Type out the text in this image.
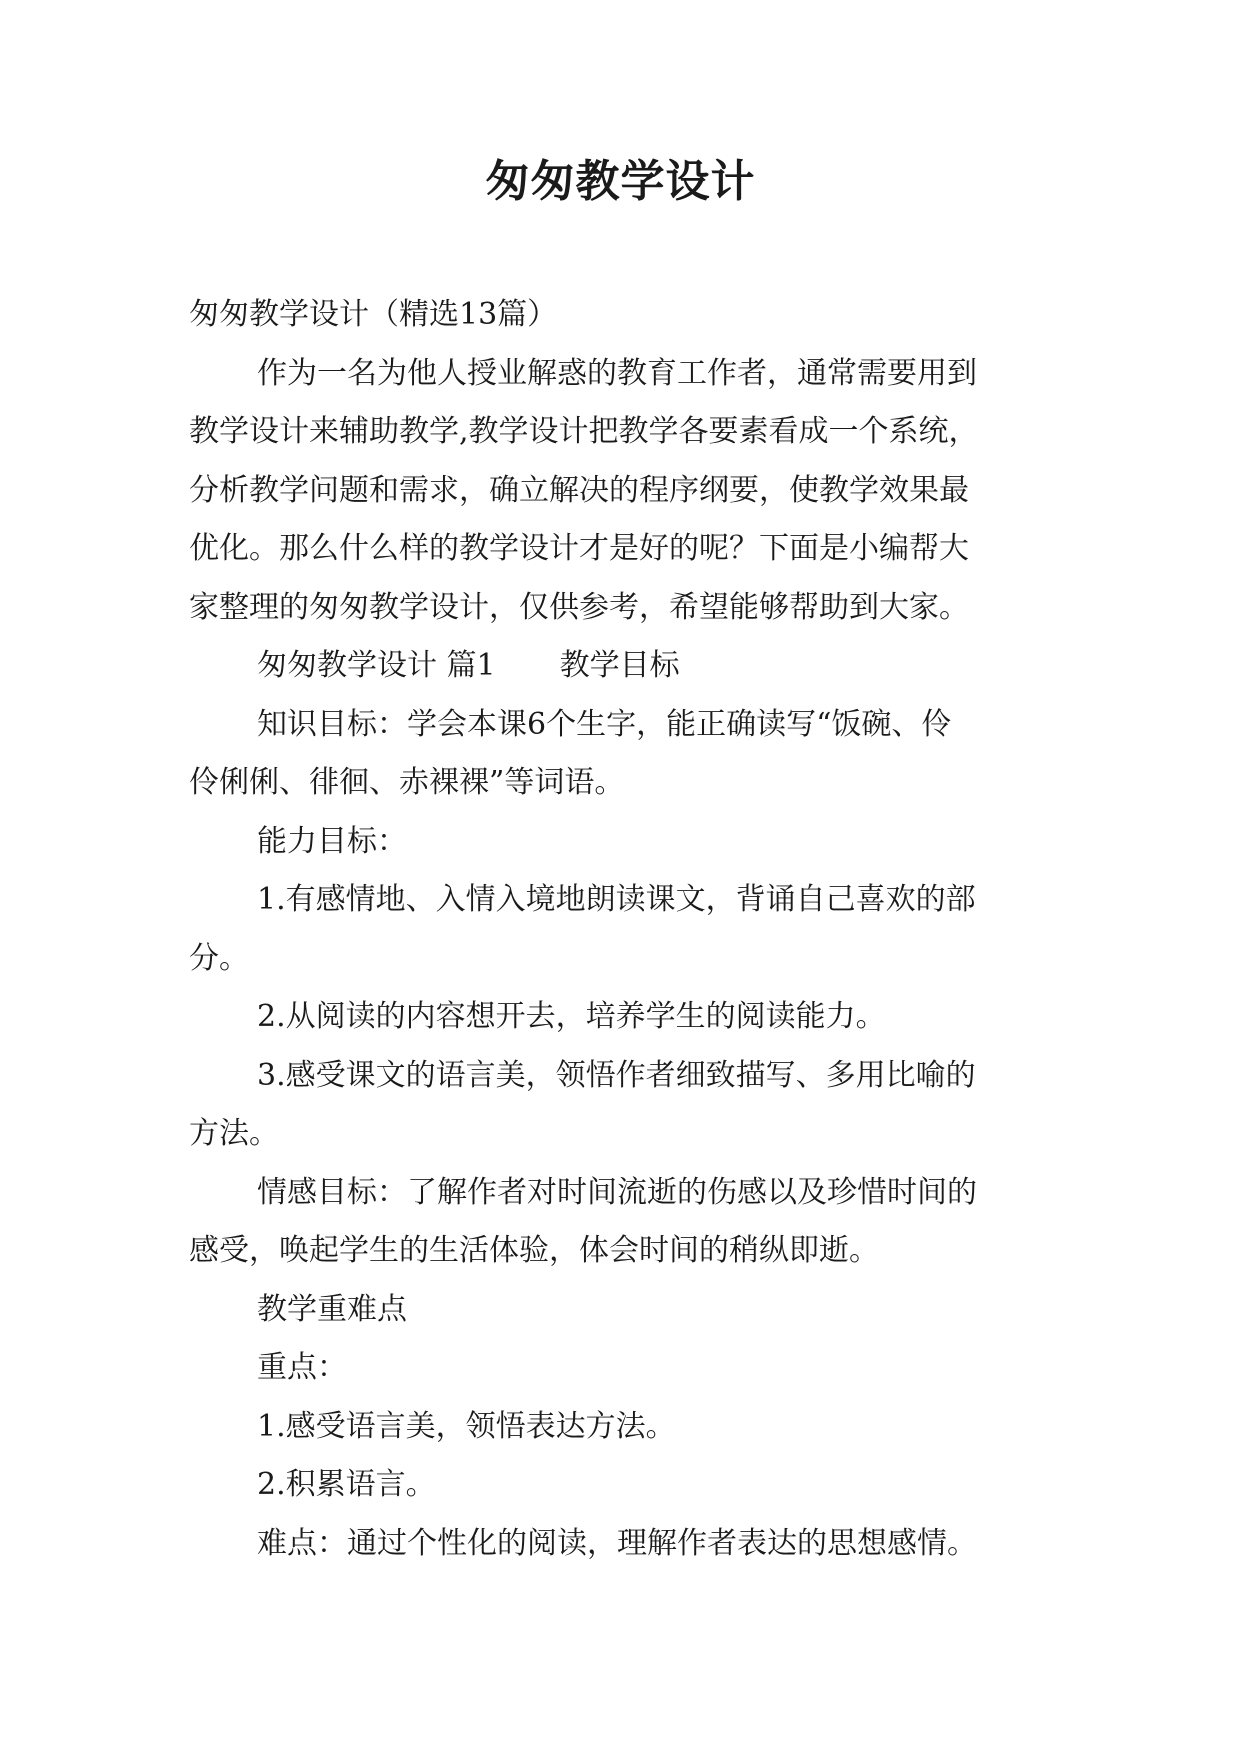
匆匆教学设计
匆匆教学设计（精选13篇）
作为一名为他人授业解惑的教育工作者，通常需要用到
教学设计来辅助教学,教学设计把教学各要素看成一个系统，
分析教学问题和需求，确立解决的程序纲要，使教学效果最
优化。那么什么样的教学设计才是好的呢？下面是小编帮大
家整理的匆匆教学设计，仅供参考，希望能够帮助到大家。
匆匆教学设计 篇1 教学目标
知识目标：学会本课6个生字，能正确读写“饭碗、伶
伶俐俐、徘徊、赤裸裸”等词语。
能力目标：
1.有感情地、入情入境地朗读课文，背诵自己喜欢的部
分。
2.从阅读的内容想开去，培养学生的阅读能力。
3.感受课文的语言美，领悟作者细致描写、多用比喻的
方法。
情感目标：了解作者对时间流逝的伤感以及珍惜时间的
感受，唤起学生的生活体验，体会时间的稍纵即逝。
教学重难点
重点：
1.感受语言美，领悟表达方法。
2.积累语言。
难点：通过个性化的阅读，理解作者表达的思想感情。
